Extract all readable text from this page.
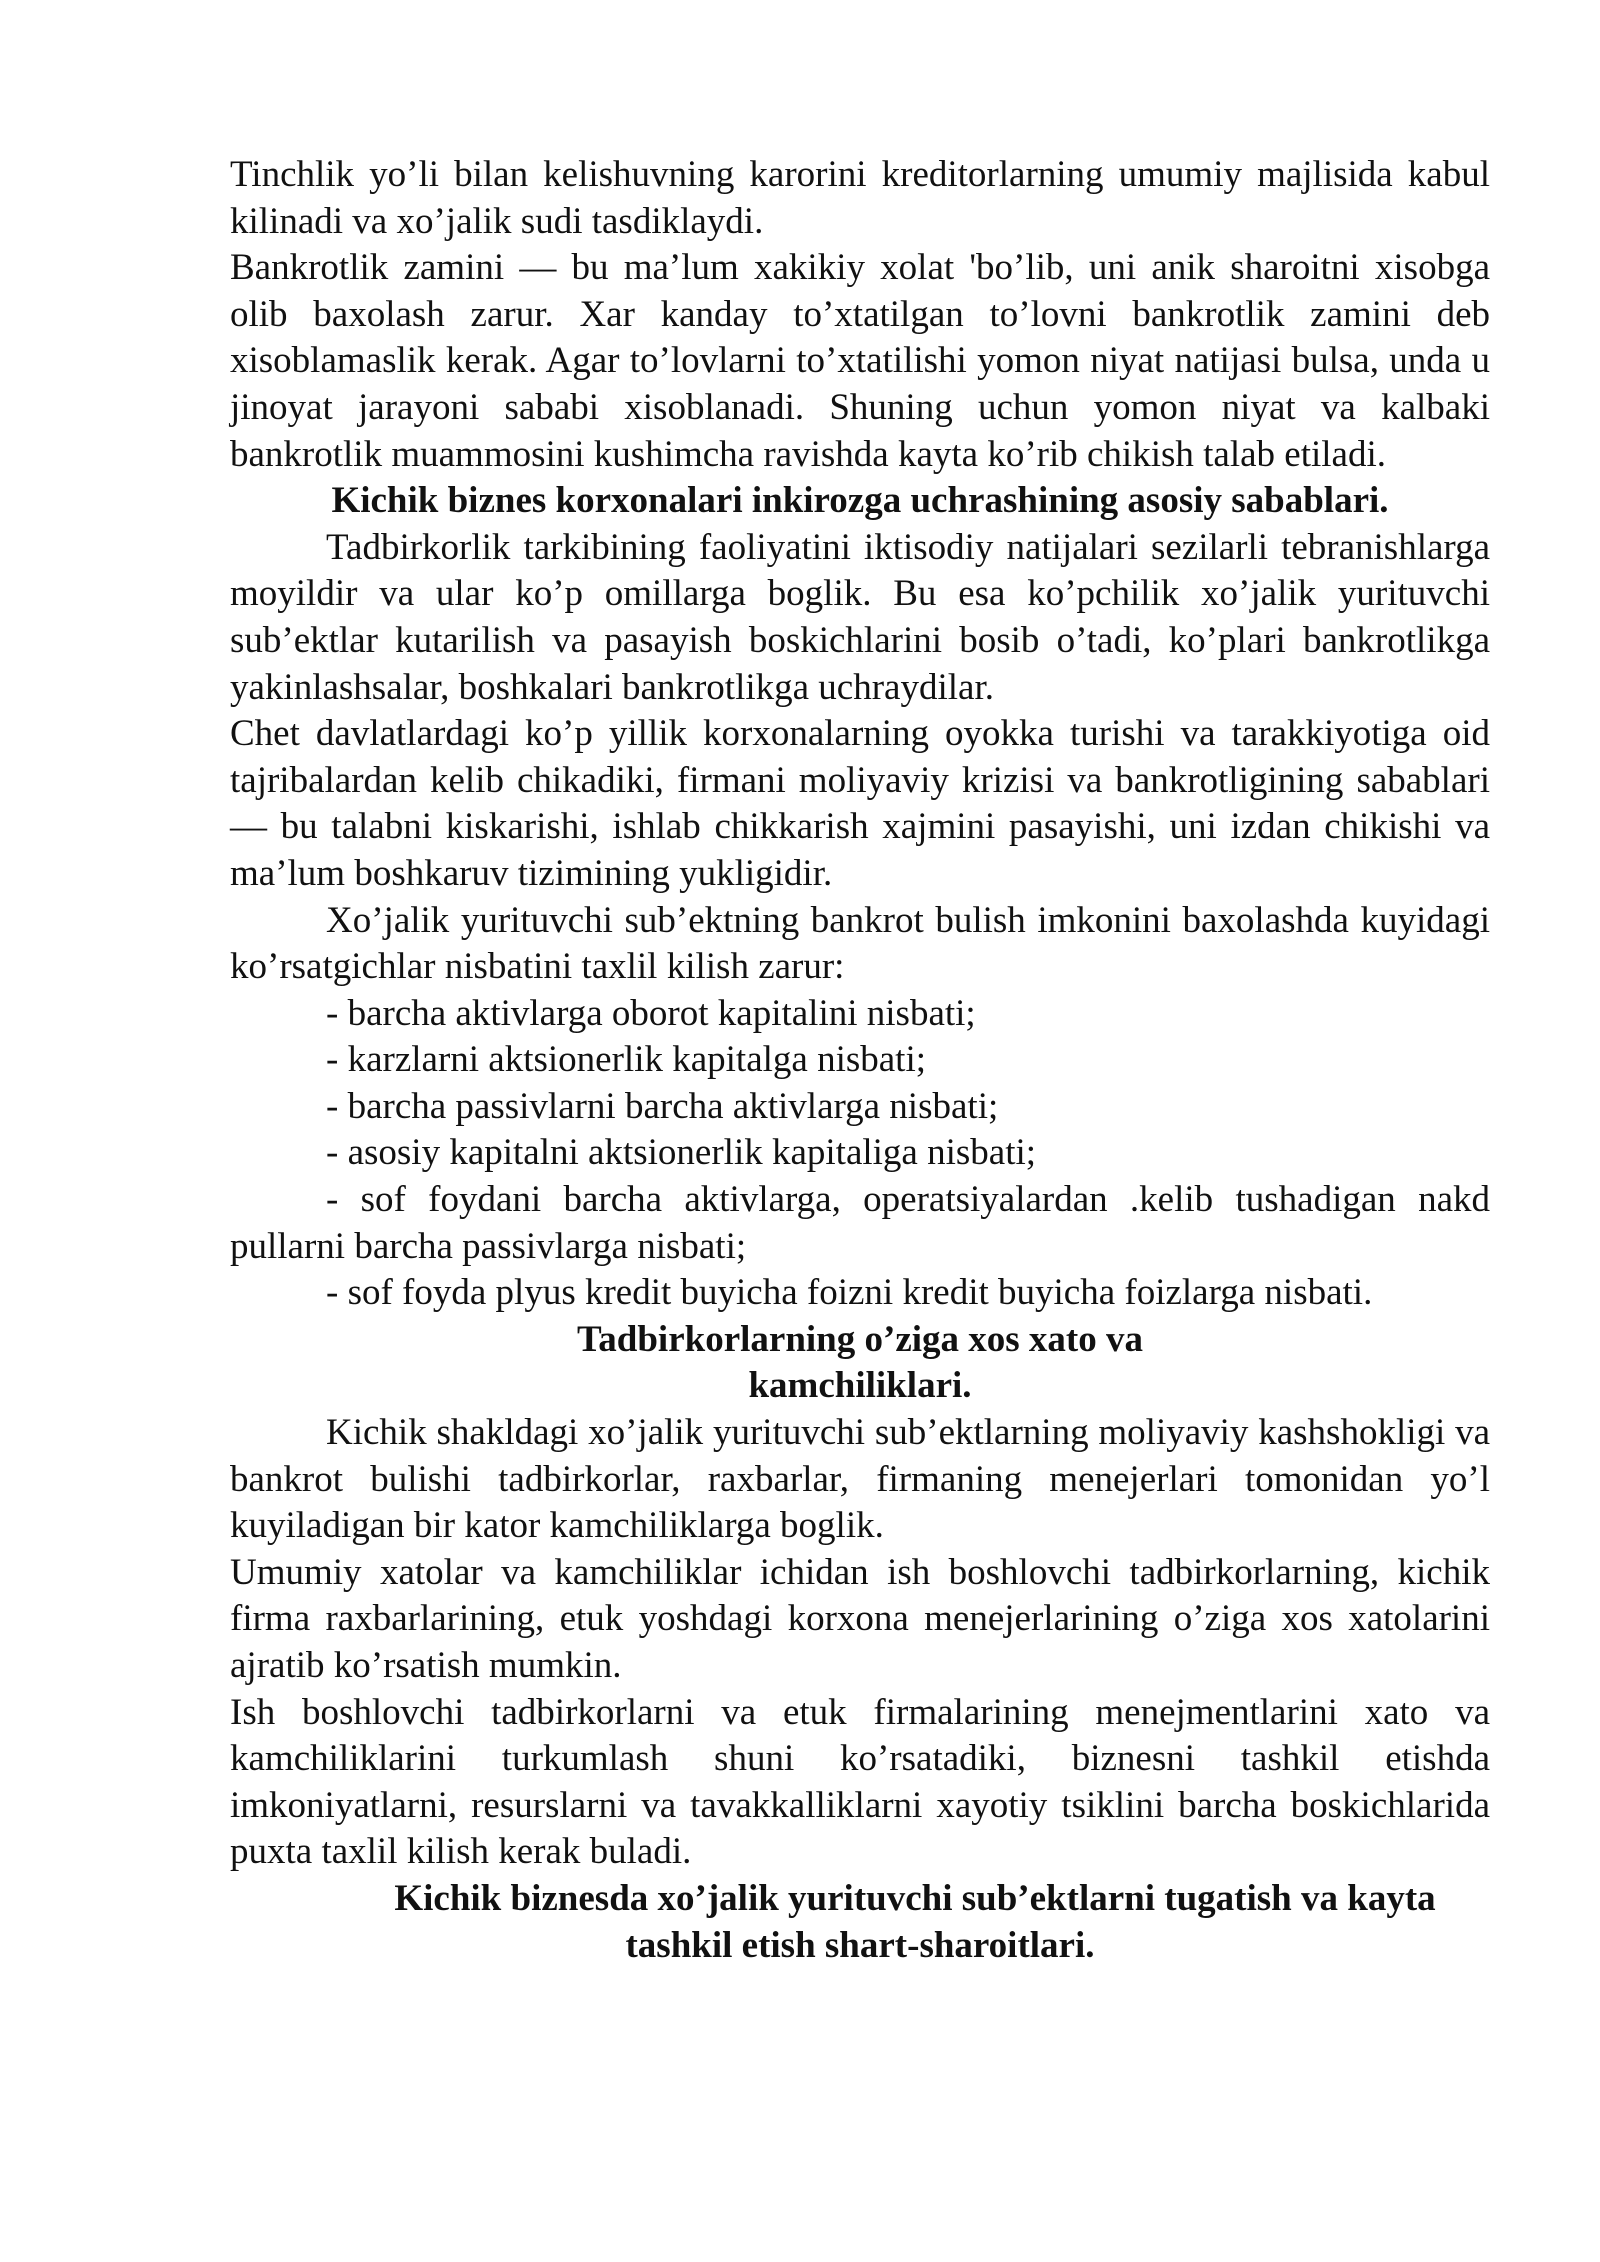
Tinchlik yo’li bilan kelishuvning karorini kreditorlarning umumiy majlisida kabul kilinadi va xo’jalik sudi tasdiklaydi.

Bankrotlik zamini — bu ma’lum xakikiy xolat 'bo’lib, uni anik sharoitni xisobga olib baxolash zarur. Xar kanday to’xtatilgan to’lovni bankrotlik zamini deb xisoblamaslik kerak. Agar to’lovlarni to’xtatilishi yomon niyat natijasi bulsa, unda u jinoyat jarayoni sababi xisoblanadi. Shuning uchun yomon niyat va kalbaki bankrotlik muammosini kushimcha ravishda kayta ko’rib chikish talab etiladi.

Kichik biznes korxonalari inkirozga uchrashining asosiy sabablari.

Tadbirkorlik tarkibining faoliyatini iktisodiy natijalari sezilarli tebranishlarga moyildir va ular ko’p omillarga boglik. Bu esa ko’pchilik xo’jalik yurituvchi sub’ektlar kutarilish va pasayish boskichlarini bosib o’tadi, ko’plari bankrotlikga yakinlashsalar, boshkalari bankrotlikga uchraydilar.

Chet davlatlardagi ko’p yillik korxonalarning oyokka turishi va tarakkiyotiga oid tajribalardan kelib chikadiki, firmani moliyaviy krizisi va bankrotligining sabablari — bu talabni kiskarishi, ishlab chikkarish xajmini pasayishi, uni izdan chikishi va ma’lum boshkaruv tizimining yukligidir.

Xo’jalik yurituvchi sub’ektning bankrot bulish imkonini baxolashda kuyidagi ko’rsatgichlar nisbatini taxlil kilish zarur:

- barcha aktivlarga oborot kapitalini nisbati;

- karzlarni aktsionerlik kapitalga nisbati;

- barcha passivlarni barcha aktivlarga nisbati;

- asosiy kapitalni aktsionerlik kapitaliga nisbati;

- sof foydani barcha aktivlarga, operatsiyalardan .kelib tushadigan nakd pullarni barcha passivlarga nisbati;

- sof foyda plyus kredit buyicha foizni kredit buyicha foizlarga nisbati.

Tadbirkorlarning o’ziga xos xato va

kamchiliklari.

Kichik shakldagi xo’jalik yurituvchi sub’ektlarning moliyaviy kashshokligi va bankrot bulishi tadbirkorlar, raxbarlar, firmaning menejerlari tomonidan yo’l kuyiladigan bir kator kamchiliklarga boglik.

Umumiy xatolar va kamchiliklar ichidan ish boshlovchi tadbirkorlarning, kichik firma raxbarlarining, etuk yoshdagi korxona menejerlarining o’ziga xos xatolarini ajratib ko’rsatish mumkin.

Ish boshlovchi tadbirkorlarni va etuk firmalarining menejmentlarini xato va kamchiliklarini turkumlash shuni ko’rsatadiki, biznesni tashkil etishda imkoniyatlarni, resurslarni va tavakkalliklarni xayotiy tsiklini barcha boskichlarida puxta taxlil kilish kerak buladi.

Kichik biznesda xo’jalik yurituvchi sub’ektlarni tugatish va kayta

tashkil etish shart-sharoitlari.
